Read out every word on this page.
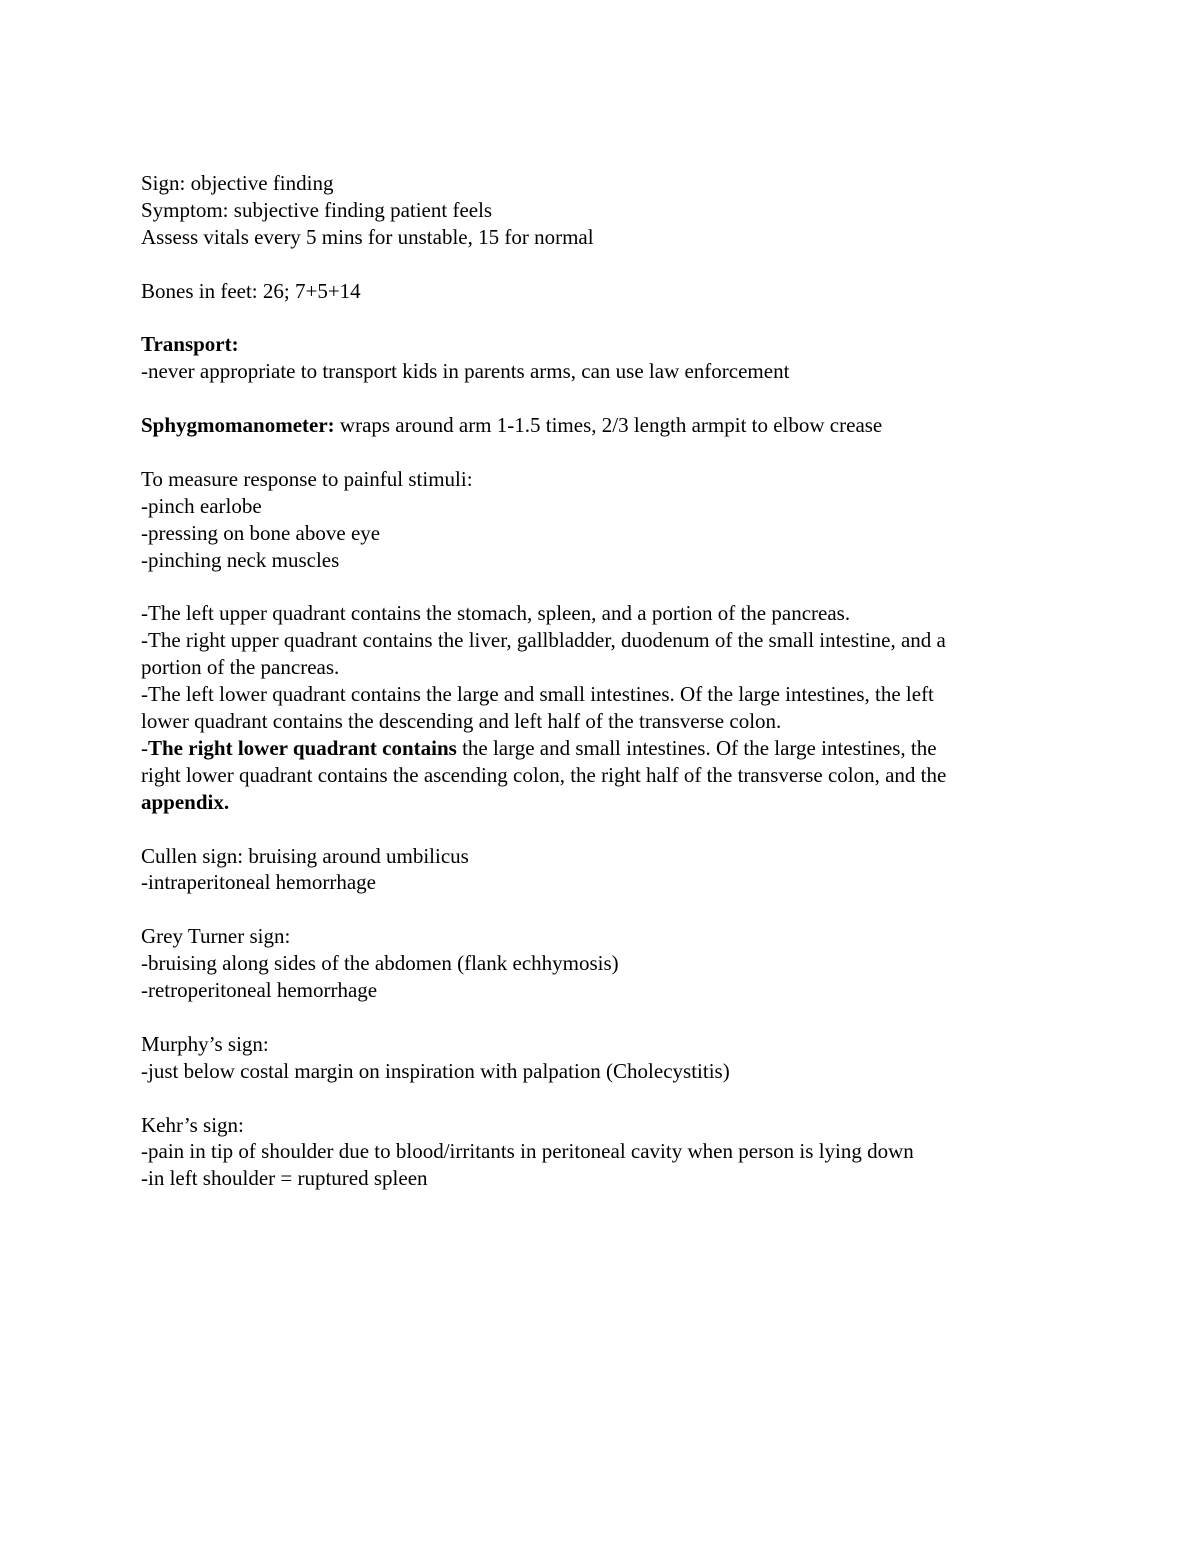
Sign: objective finding
Symptom: subjective finding patient feels
Assess vitals every 5 mins for unstable, 15 for normal
Bones in feet: 26; 7+5+14
Transport:
-never appropriate to transport kids in parents arms, can use law enforcement
Sphygmomanometer: wraps around arm 1-1.5 times, 2/3 length armpit to elbow crease
To measure response to painful stimuli:
-pinch earlobe
-pressing on bone above eye
-pinching neck muscles
-The left upper quadrant contains the stomach, spleen, and a portion of the pancreas.
-The right upper quadrant contains the liver, gallbladder, duodenum of the small intestine, and a
portion of the pancreas.
-The left lower quadrant contains the large and small intestines. Of the large intestines, the left
lower quadrant contains the descending and left half of the transverse colon.
-The right lower quadrant contains the large and small intestines. Of the large intestines, the
right lower quadrant contains the ascending colon, the right half of the transverse colon, and the
appendix.
Cullen sign: bruising around umbilicus
-intraperitoneal hemorrhage
Grey Turner sign:
-bruising along sides of the abdomen (flank echhymosis)
-retroperitoneal hemorrhage
Murphy’s sign:
-just below costal margin on inspiration with palpation (Cholecystitis)
Kehr’s sign:
-pain in tip of shoulder due to blood/irritants in peritoneal cavity when person is lying down
-in left shoulder = ruptured spleen
